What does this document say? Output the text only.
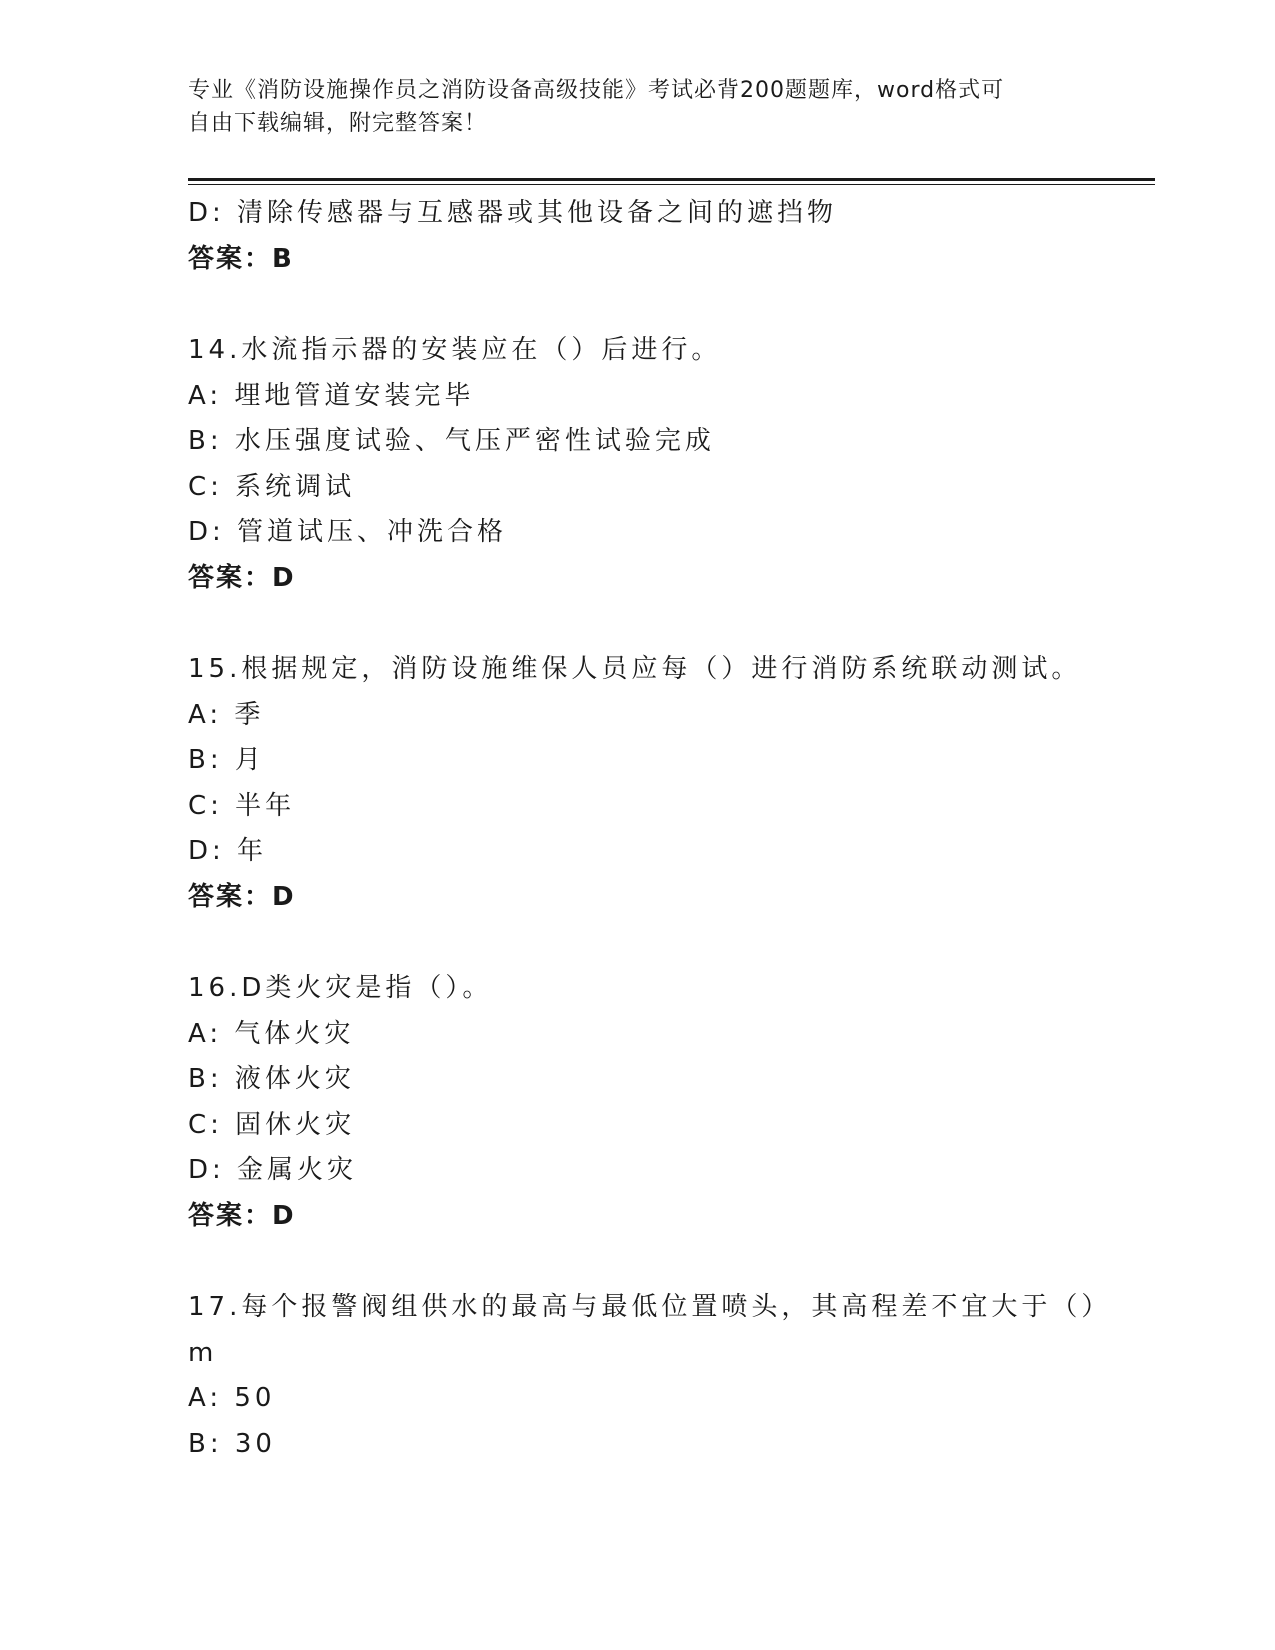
专业《消防设施操作员之消防设备高级技能》考试必背200题题库，word格式可
自由下载编辑，附完整答案！
D: 清除传感器与互感器或其他设备之间的遮挡物
答案：B
14.水流指示器的安装应在（）后进行。
A: 埋地管道安装完毕
B: 水压强度试验、气压严密性试验完成
C: 系统调试
D: 管道试压、冲洗合格
答案：D
15.根据规定，消防设施维保人员应每（）进行消防系统联动测试。
A: 季
B: 月
C: 半年
D: 年
答案：D
16.D类火灾是指（）。
A: 气体火灾
B: 液体火灾
C: 固休火灾
D: 金属火灾
答案：D
17.每个报警阀组供水的最高与最低位置喷头，其高程差不宜大于（）
m
A: 50
B: 30
